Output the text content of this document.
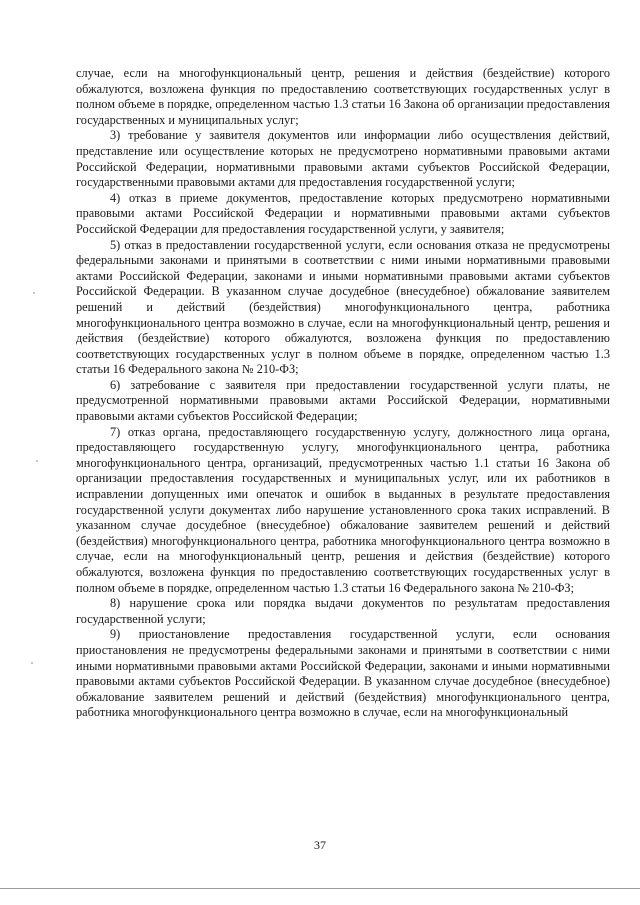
случае, если на многофункциональный центр, решения и действия (бездействие) которого обжалуются, возложена функция по предоставлению соответствующих государственных услуг в полном объеме в порядке, определенном частью 1.3 статьи 16 Закона об организации предоставления государственных и муниципальных услуг;

3) требование у заявителя документов или информации либо осуществления действий, представление или осуществление которых не предусмотрено нормативными правовыми актами Российской Федерации, нормативными правовыми актами субъектов Российской Федерации, государственными правовыми актами для предоставления государственной услуги;

4) отказ в приеме документов, предоставление которых предусмотрено нормативными правовыми актами Российской Федерации и нормативными правовыми актами субъектов Российской Федерации для предоставления государственной услуги, у заявителя;

5) отказ в предоставлении государственной услуги, если основания отказа не предусмотрены федеральными законами и принятыми в соответствии с ними иными нормативными правовыми актами Российской Федерации, законами и иными нормативными правовыми актами субъектов Российской Федерации. В указанном случае досудебное (внесудебное) обжалование заявителем решений и действий (бездействия) многофункционального центра, работника многофункционального центра возможно в случае, если на многофункциональный центр, решения и действия (бездействие) которого обжалуются, возложена функция по предоставлению соответствующих государственных услуг в полном объеме в порядке, определенном частью 1.3 статьи 16 Федерального закона № 210-ФЗ;

6) затребование с заявителя при предоставлении государственной услуги платы, не предусмотренной нормативными правовыми актами Российской Федерации, нормативными правовыми актами субъектов Российской Федерации;

7) отказ органа, предоставляющего государственную услугу, должностного лица органа, предоставляющего государственную услугу, многофункционального центра, работника многофункционального центра, организаций, предусмотренных частью 1.1 статьи 16 Закона об организации предоставления государственных и муниципальных услуг, или их работников в исправлении допущенных ими опечаток и ошибок в выданных в результате предоставления государственной услуги документах либо нарушение установленного срока таких исправлений. В указанном случае досудебное (внесудебное) обжалование заявителем решений и действий (бездействия) многофункционального центра, работника многофункционального центра возможно в случае, если на многофункциональный центр, решения и действия (бездействие) которого обжалуются, возложена функция по предоставлению соответствующих государственных услуг в полном объеме в порядке, определенном частью 1.3 статьи 16 Федерального закона № 210-ФЗ;

8) нарушение срока или порядка выдачи документов по результатам предоставления государственной услуги;

9) приостановление предоставления государственной услуги, если основания приостановления не предусмотрены федеральными законами и принятыми в соответствии с ними иными нормативными правовыми актами Российской Федерации, законами и иными нормативными правовыми актами субъектов Российской Федерации. В указанном случае досудебное (внесудебное) обжалование заявителем решений и действий (бездействия) многофункционального центра, работника многофункционального центра возможно в случае, если на многофункциональный

37
